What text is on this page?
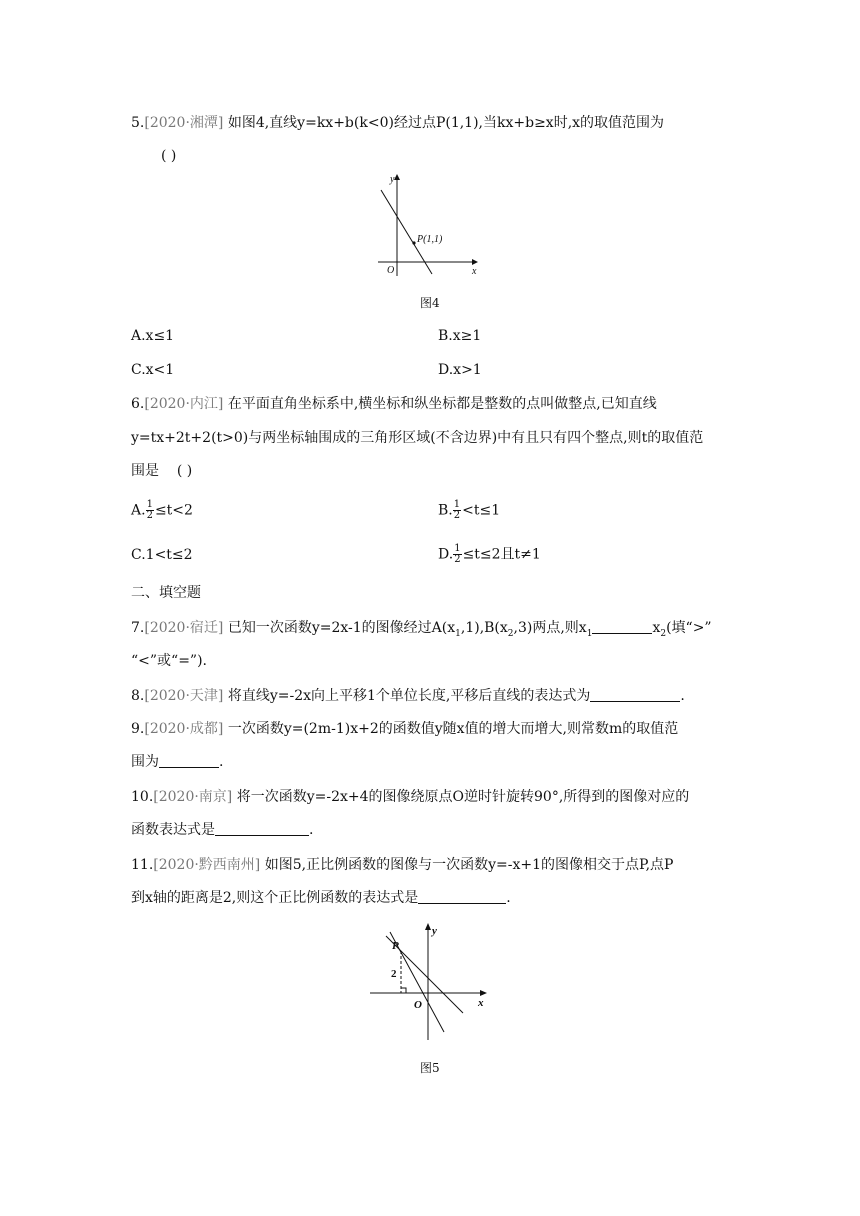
5.[2020·湘潭] 如图4,直线y=kx+b(k<0)经过点P(1,1),当kx+b≥x时,x的取值范围为
( )
P(1,1)
x
y
O
图4
A.x≤1	B.x≥1
C.x<1	D.x>1
6.[2020·内江] 在平面直角坐标系中,横坐标和纵坐标都是整数的点叫做整点,已知直线
y=tx+2t+2(t>0)与两坐标轴围成的三角形区域(不含边界)中有且只有四个整点,则t的取值范
围是 ( )
A. $\frac{1}{2} \le t<2$	B. $\frac{1}{2} <t\le 1$
C.1<t≤2	D. $\frac{1}{2} \le t\le 2$且t≠1
二、填空题
7.[2020·宿迁] 已知一次函数y=2x-1的图像经过$A(x_1,1),B(x_2,3)$两点,则$x_1$	$x_2$(填“>”
“<”或“=”).
8.[2020·天津] 将直线y=-2x向上平移1个单位长度,平移后直线的表达式为	.
9.[2020·成都] 一次函数y=(2m-1)x+2的函数值y随x值的增大而增大,则常数m的取值范
围为	.
10.[2020·南京] 将一次函数y=-2x+4的图像绕原点O逆时针旋转90°,所得到的图像对应的
函数表达式是	.
11.[2020·黔西南州] 如图5,正比例函数的图像与一次函数y=-x+1的图像相交于点P,点P
到x轴的距离是2,则这个正比例函数的表达式是	.
P
2
x
y
O
图5
